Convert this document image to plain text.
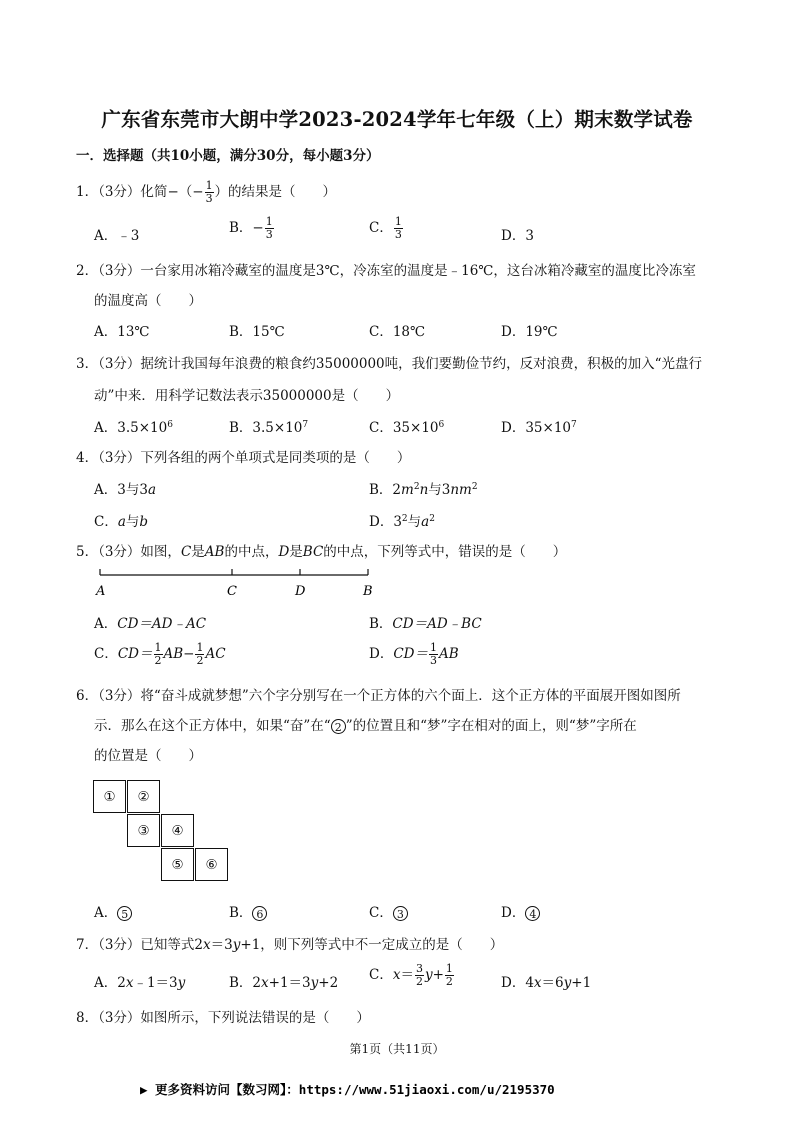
广东省东莞市大朗中学2023-2024学年七年级（上）期末数学试卷
一．选择题（共10小题，满分30分，每小题3分）
1．（3分）化简−（− $\frac{1}{3}$ ）的结果是（　　）
A．﹣3	B．− $\frac{1}{3}$	C． $\frac{1}{3}$	D．3
2．（3分）一台家用冰箱冷藏室的温度是3℃，冷冻室的温度是﹣16℃，这台冰箱冷藏室的温度比冷冻室
的温度高（　　）
A．13℃	B．15℃	C．18℃	D．19℃
3．（3分）据统计我国每年浪费的粮食约35000000吨，我们要勤俭节约，反对浪费，积极的加入“光盘行
动”中来．用科学记数法表示35000000是（　　）
A．$3.5\times 10^6$	B．$3.5\times 10^7$	C．$35\times 10^6$	D．$35\times 10^7$
4．（3分）下列各组的两个单项式是同类项的是（　　）
A．3与3a	B．$2m^2n$与$3nm^2$
C．a与b	D．$3^2$与$a^2$
5．（3分）如图，C是AB的中点，D是BC的中点，下列等式中，错误的是（　　）
A	C	D	B
A．CD＝AD﹣AC	B．CD＝AD﹣BC
C．$CD= \frac{1}{2} AB- \frac{1}{2}$ AC	D．$CD= \frac{1}{3}$ AB
6．（3分）将“奋斗成就梦想”六个字分别写在一个正方体的六个面上．这个正方体的平面展开图如图所
示．那么在这个正方体中，如果“奋”在“ 2 ”的位置且和“梦”字在相对的面上，则“梦”字所在
的位置是（　　）
①	②
③	④
⑤	⑥
A． 5	B． 6	C． 3	D． 4
7．（3分）已知等式2x＝3y+1，则下列等式中不一定成立的是（　　）
A．2x﹣1＝3y	B．2x+1＝3y+2 C．$x= \frac{3}{2} y+ \frac{1}{2}$	D．4x＝6y+1
8．（3分）如图所示，下列说法错误的是（　　）
第1页（共11页）
▶ 更多资料访问【数习网】：https://www.51jiaoxi.com/u/2195370
